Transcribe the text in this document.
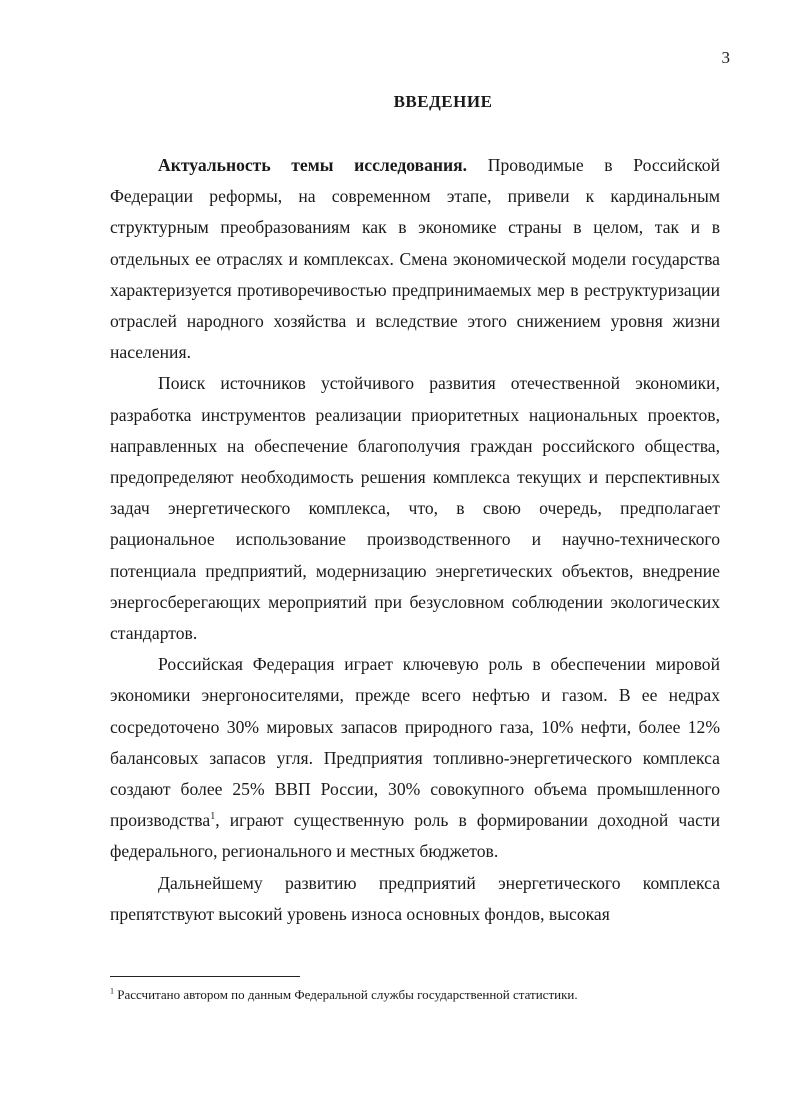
3
ВВЕДЕНИЕ

Актуальность темы исследования. Проводимые в Российской Федерации реформы, на современном этапе, привели к кардинальным структурным преобразованиям как в экономике страны в целом, так и в отдельных ее отраслях и комплексах. Смена экономической модели государства характеризуется противоречивостью предпринимаемых мер в реструктуризации отраслей народного хозяйства и вследствие этого снижением уровня жизни населения.

Поиск источников устойчивого развития отечественной экономики, разработка инструментов реализации приоритетных национальных проектов, направленных на обеспечение благополучия граждан российского общества, предопределяют необходимость решения комплекса текущих и перспективных задач энергетического комплекса, что, в свою очередь, предполагает рациональное использование производственного и научно-технического потенциала предприятий, модернизацию энергетических объектов, внедрение энергосберегающих мероприятий при безусловном соблюдении экологических стандартов.

Российская Федерация играет ключевую роль в обеспечении мировой экономики энергоносителями, прежде всего нефтью и газом. В ее недрах сосредоточено 30% мировых запасов природного газа, 10% нефти, более 12% балансовых запасов угля. Предприятия топливно-энергетического комплекса создают более 25% ВВП России, 30% совокупного объема промышленного производства$^1$, играют существенную роль в формировании доходной части федерального, регионального и местных бюджетов.

Дальнейшему развитию предприятий энергетического комплекса препятствуют высокий уровень износа основных фондов, высокая

$^1$ Рассчитано автором по данным Федеральной службы государственной статистики.
